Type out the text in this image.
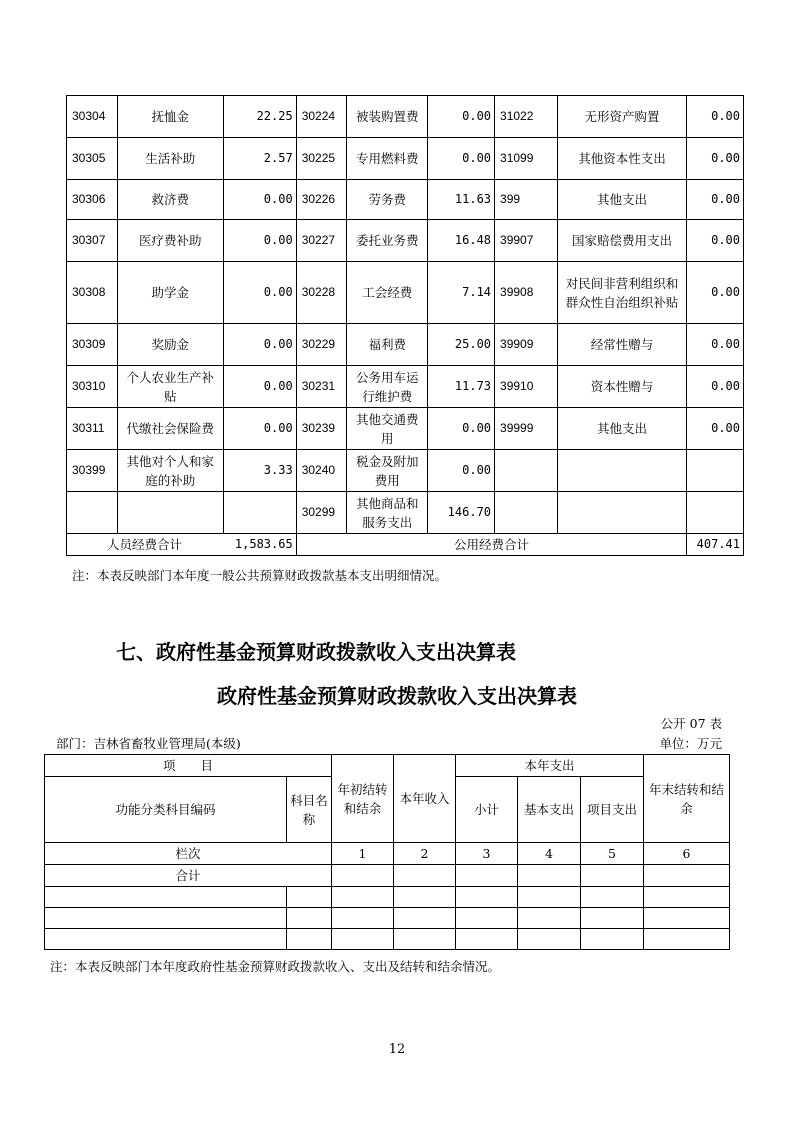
30304	抚恤金	22.25	30224	被装购置费	0.00	31022	无形资产购置	0.00
30305	生活补助	2.57	30225	专用燃料费	0.00	31099	其他资本性支出	0.00
30306	救济费	0.00	30226	劳务费	11.63	399	其他支出	0.00
30307	医疗费补助	0.00	30227	委托业务费	16.48	39907	国家赔偿费用支出	0.00
30308	助学金	0.00	30228	工会经费	7.14	39908	对民间非营利组织和群众性自治组织补贴	0.00
30309	奖励金	0.00	30229	福利费	25.00	39909	经常性赠与	0.00
30310	个人农业生产补贴	0.00	30231	公务用车运行维护费	11.73	39910	资本性赠与	0.00
30311	代缴社会保险费	0.00	30239	其他交通费用	0.00	39999	其他支出	0.00
30399	其他对个人和家庭的补助	3.33	30240	税金及附加费用	0.00			
			30299	其他商品和服务支出	146.70			

人员经费合计 1,583.65			公用经费合计					407.41
注：本表反映部门本年度一般公共预算财政拨款基本支出明细情况。
七、政府性基金预算财政拨款收入支出决算表
政府性基金预算财政拨款收入支出决算表
公开 07 表
部门：吉林省畜牧业管理局(本级)	单位：万元
项　　目		年初结转和结余	本年收入	本年支出			年末结转和结余
功能分类科目编码	科目名称			小计	基本支出	项目支出	
栏次		1	2	3	4	5	6
合计							

注：本表反映部门本年度政府性基金预算财政拨款收入、支出及结转和结余情况。
12
